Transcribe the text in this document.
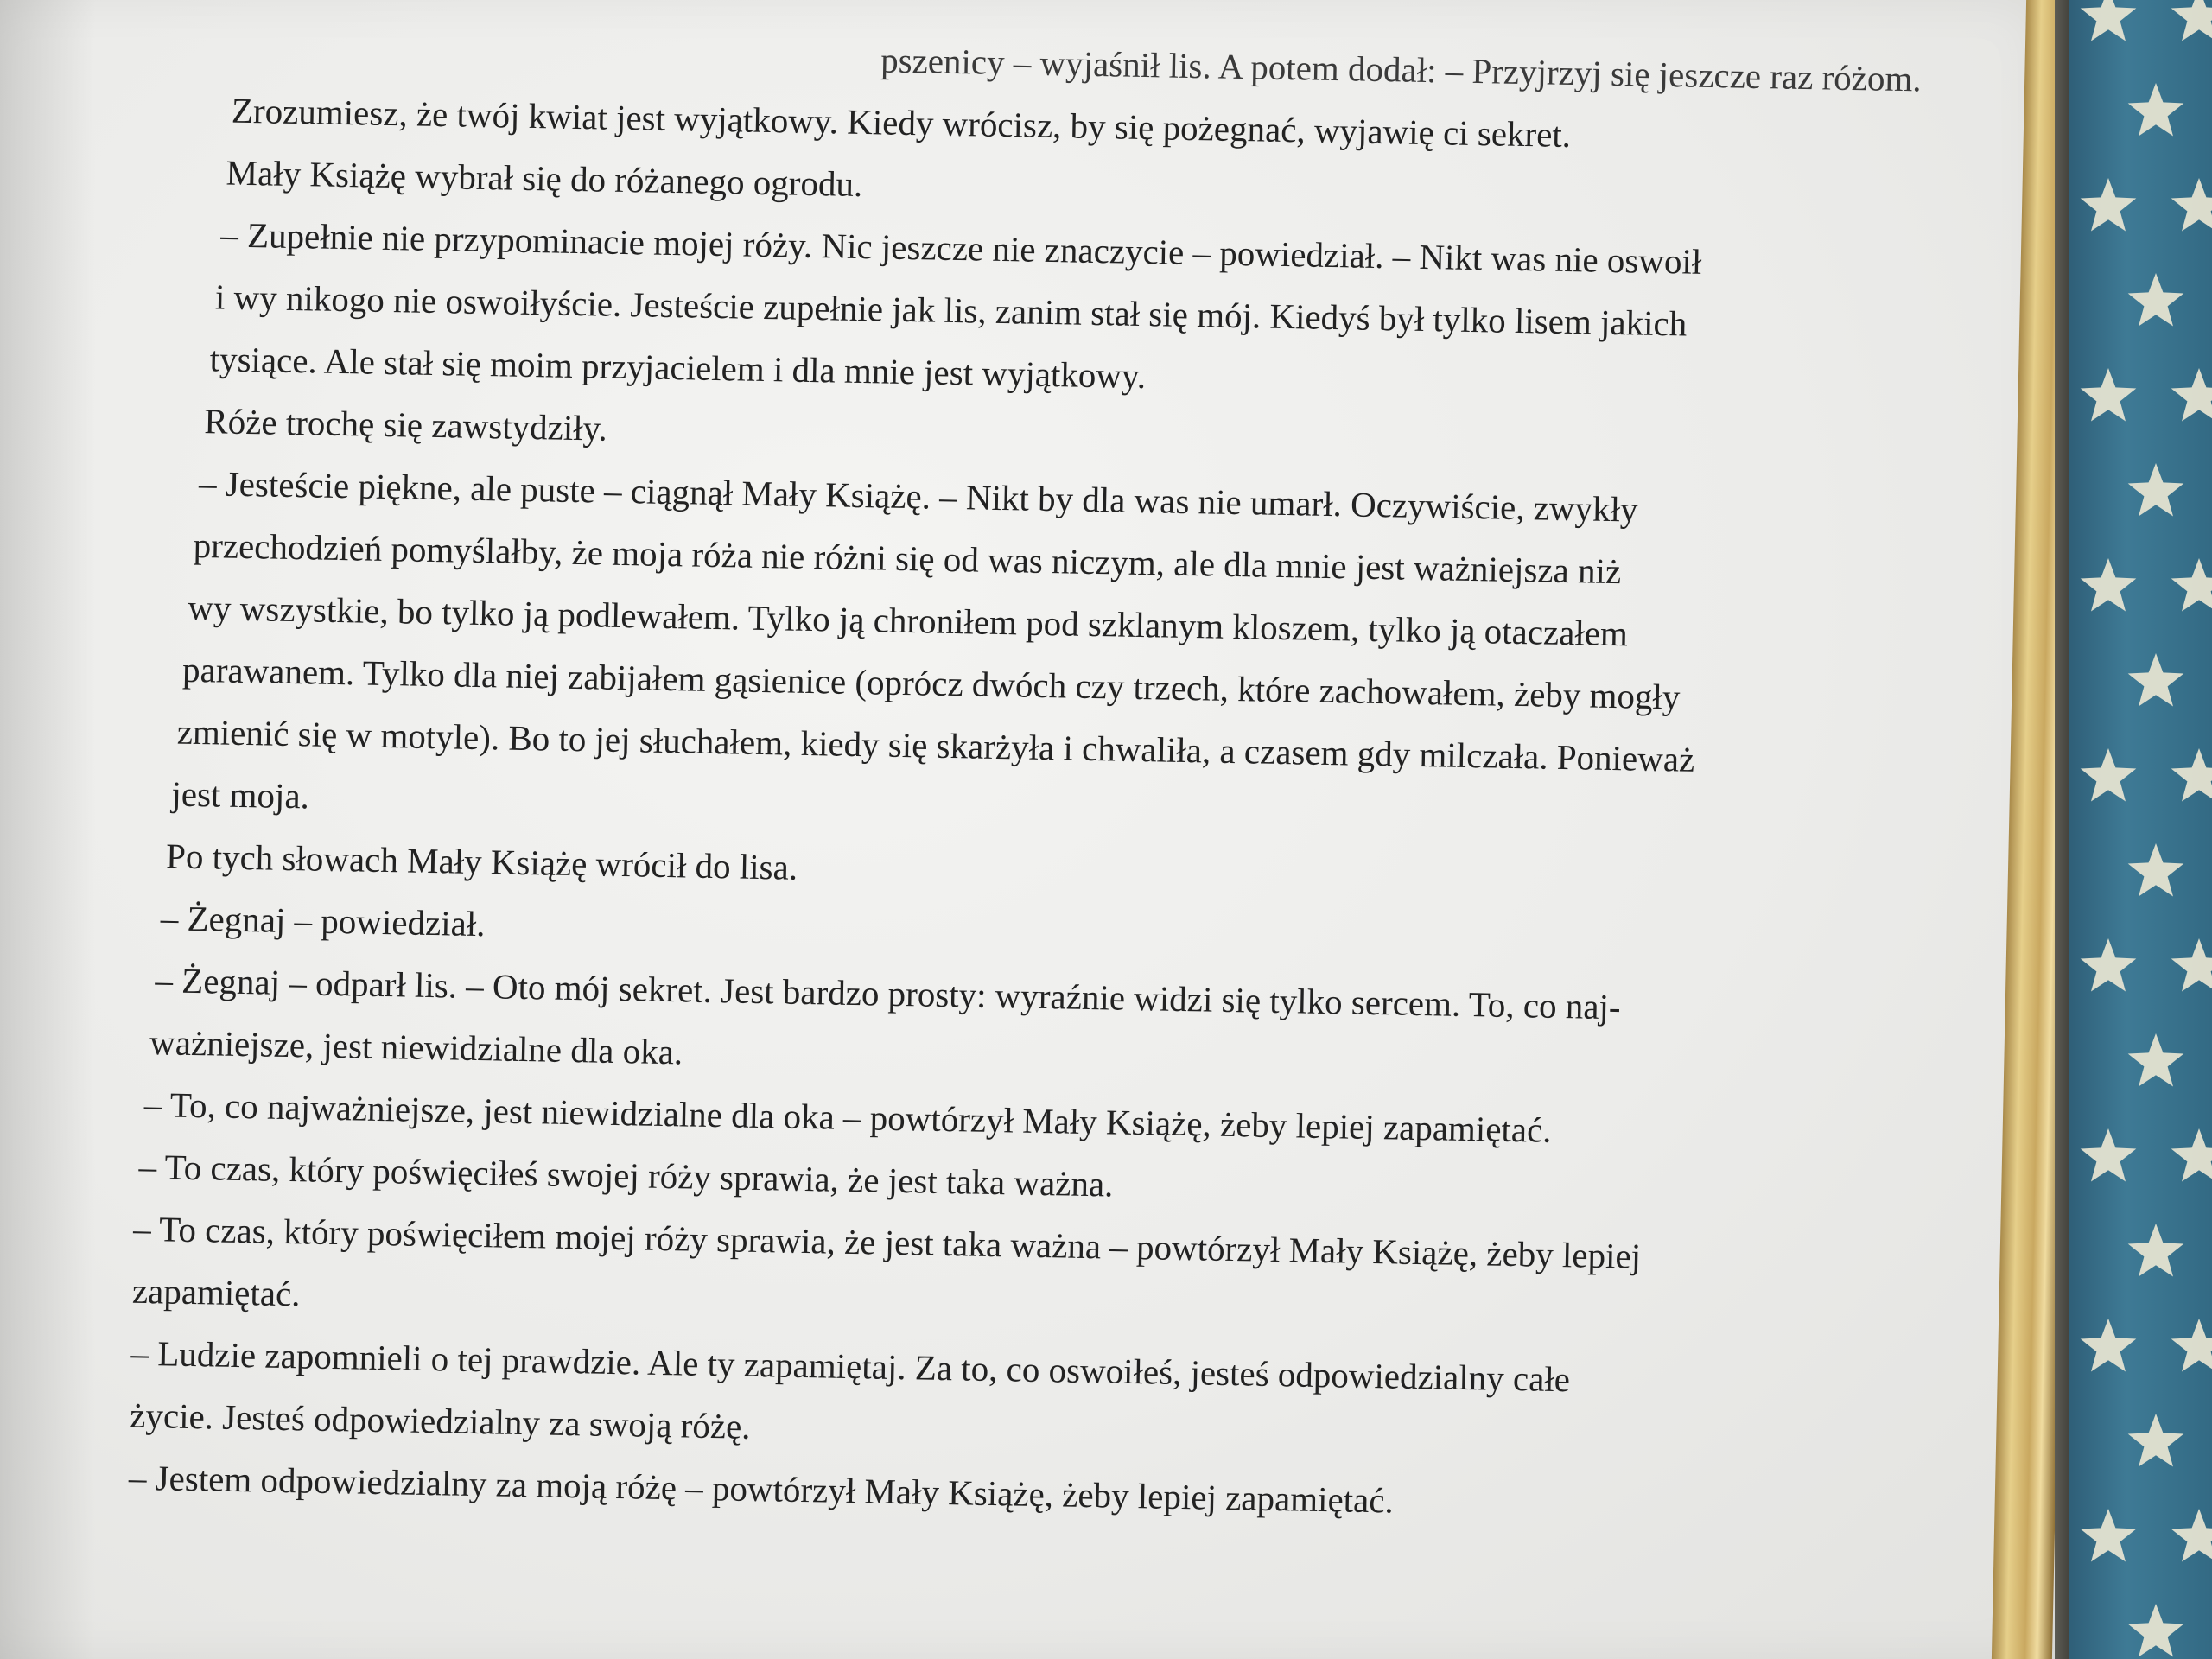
pszenicy – wyjaśnił lis. A potem dodał: – Przyjrzyj się jeszcze raz różom.
Zrozumiesz, że twój kwiat jest wyjątkowy. Kiedy wrócisz, by się pożegnać, wyjawię ci sekret.
Mały Książę wybrał się do różanego ogrodu.
– Zupełnie nie przypominacie mojej róży. Nic jeszcze nie znaczycie – powiedział. – Nikt was nie oswoił
i wy nikogo nie oswoiłyście. Jesteście zupełnie jak lis, zanim stał się mój. Kiedyś był tylko lisem jakich
tysiące. Ale stał się moim przyjacielem i dla mnie jest wyjątkowy.
Róże trochę się zawstydziły.
– Jesteście piękne, ale puste – ciągnął Mały Książę. – Nikt by dla was nie umarł. Oczywiście, zwykły
przechodzień pomyślałby, że moja róża nie różni się od was niczym, ale dla mnie jest ważniejsza niż
wy wszystkie, bo tylko ją podlewałem. Tylko ją chroniłem pod szklanym kloszem, tylko ją otaczałem
parawanem. Tylko dla niej zabijałem gąsienice (oprócz dwóch czy trzech, które zachowałem, żeby mogły
zmienić się w motyle). Bo to jej słuchałem, kiedy się skarżyła i chwaliła, a czasem gdy milczała. Ponieważ
jest moja.
Po tych słowach Mały Książę wrócił do lisa.
– Żegnaj – powiedział.
– Żegnaj – odparł lis. – Oto mój sekret. Jest bardzo prosty: wyraźnie widzi się tylko sercem. To, co naj-
ważniejsze, jest niewidzialne dla oka.
– To, co najważniejsze, jest niewidzialne dla oka – powtórzył Mały Książę, żeby lepiej zapamiętać.
– To czas, który poświęciłeś swojej róży sprawia, że jest taka ważna.
– To czas, który poświęciłem mojej róży sprawia, że jest taka ważna – powtórzył Mały Książę, żeby lepiej
zapamiętać.
– Ludzie zapomnieli o tej prawdzie. Ale ty zapamiętaj. Za to, co oswoiłeś, jesteś odpowiedzialny całe
życie. Jesteś odpowiedzialny za swoją różę.
– Jestem odpowiedzialny za moją różę – powtórzył Mały Książę, żeby lepiej zapamiętać.
